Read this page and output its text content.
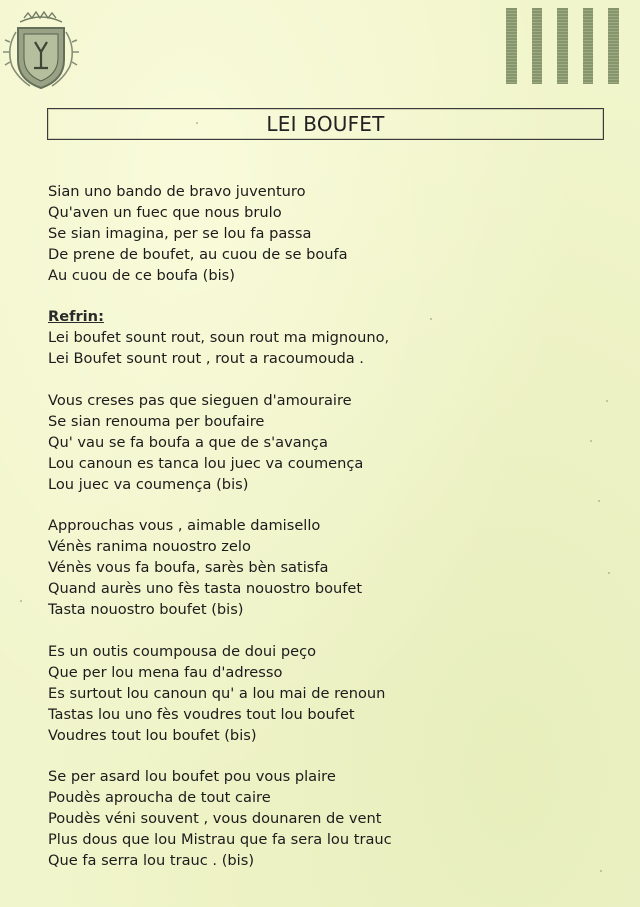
LEI BOUFET
Sian uno bando de bravo juventuro
Qu'aven un fuec que nous brulo
Se sian imagina, per se lou fa passa
De prene de boufet, au cuou de se boufa
Au cuou de ce boufa (bis)
Refrin:
Lei boufet sount rout, soun rout ma mignouno,
Lei Boufet sount rout , rout a racoumouda .
Vous creses pas que sieguen d'amouraire
Se sian renouma per boufaire
Qu' vau se fa boufa a que de s'avança
Lou canoun es tanca lou juec va coumença
Lou juec va coumença (bis)
Approuchas vous , aimable damisello
Vénès ranima nouostro zelo
Vénès vous fa boufa, sarès bèn satisfa
Quand aurès uno fès tasta nouostro boufet
Tasta nouostro boufet (bis)
Es un outis coumpousa de doui peço
Que per lou mena fau d'adresso
Es surtout lou canoun qu' a lou mai de renoun
Tastas lou uno fès voudres tout lou boufet
Voudres tout lou boufet (bis)
Se per asard lou boufet pou vous plaire
Poudès aproucha de tout caire
Poudès véni souvent , vous dounaren de vent
Plus dous que lou Mistrau que fa sera lou trauc
Que fa serra lou trauc . (bis)
